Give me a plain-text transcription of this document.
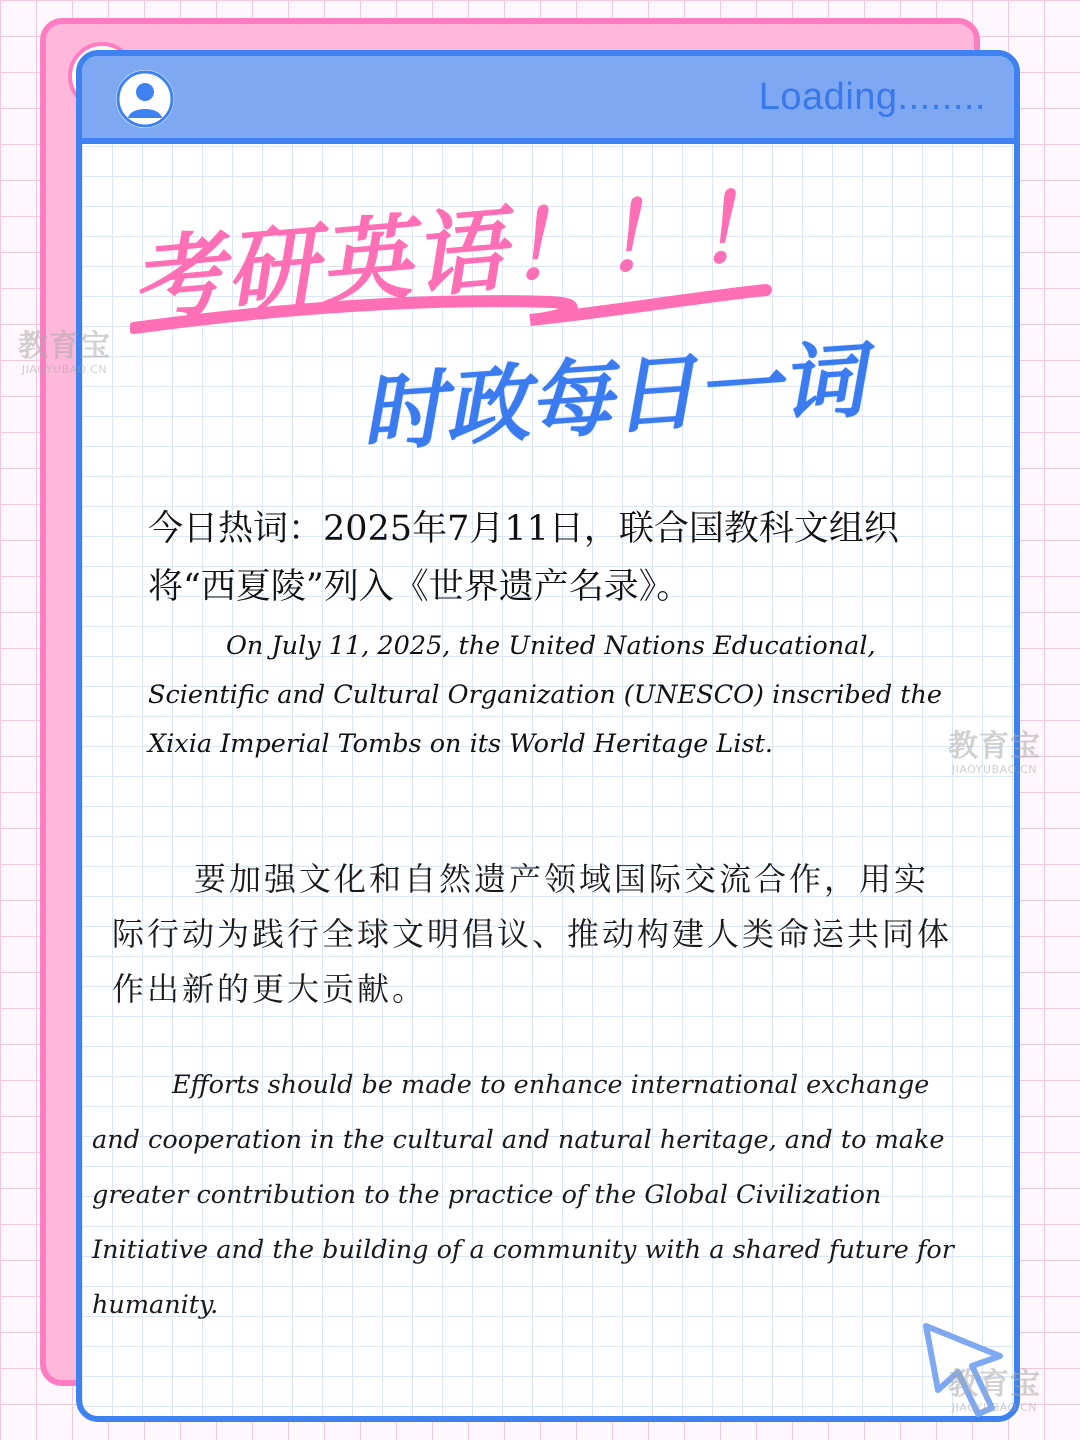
Loading........
考研英语！！！
时政每日一词

今日热词：2025年7月11日，联合国教科文组织将“西夏陵”列入《世界遗产名录》。

On July 11, 2025, the United Nations Educational, Scientific and Cultural Organization (UNESCO) inscribed the Xixia Imperial Tombs on its World Heritage List.

要加强文化和自然遗产领域国际交流合作，用实际行动为践行全球文明倡议、推动构建人类命运共同体作出新的更大贡献。

Efforts should be made to enhance international exchange and cooperation in the cultural and natural heritage, and to make greater contribution to the practice of the Global Civilization Initiative and the building of a community with a shared future for humanity.

教育宝
JIAOYUBAO.CN
教育宝
JIAOYUBAO.CN
教育宝
JIAOYUBAO.CN
